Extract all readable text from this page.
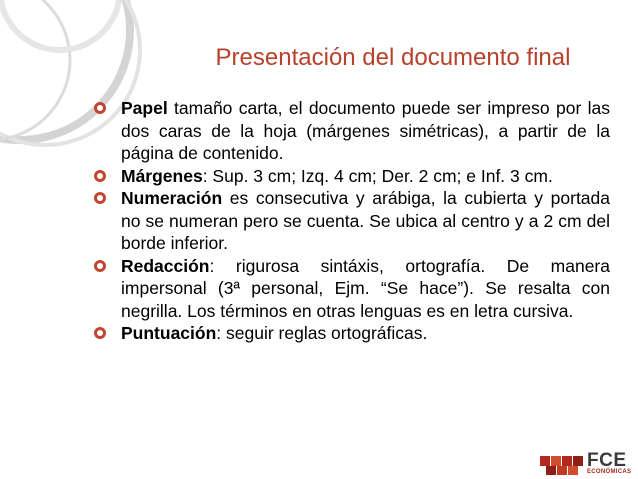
Presentación del documento final
Papel tamaño carta, el documento puede ser impreso por las dos caras de la hoja (márgenes simétricas), a partir de la página de contenido.
Márgenes: Sup. 3 cm; Izq. 4 cm; Der. 2 cm; e Inf. 3 cm.
Numeración es consecutiva y arábiga, la cubierta y portada no se numeran pero se cuenta. Se ubica al centro y a 2 cm del borde inferior.
Redacción: rigurosa sintáxis, ortografía. De manera impersonal (3ª personal, Ejm. “Se hace”). Se resalta con negrilla. Los términos en otras lenguas es en letra cursiva.
Puntuación: seguir reglas ortográficas.
FCE
ECONÓMICAS
